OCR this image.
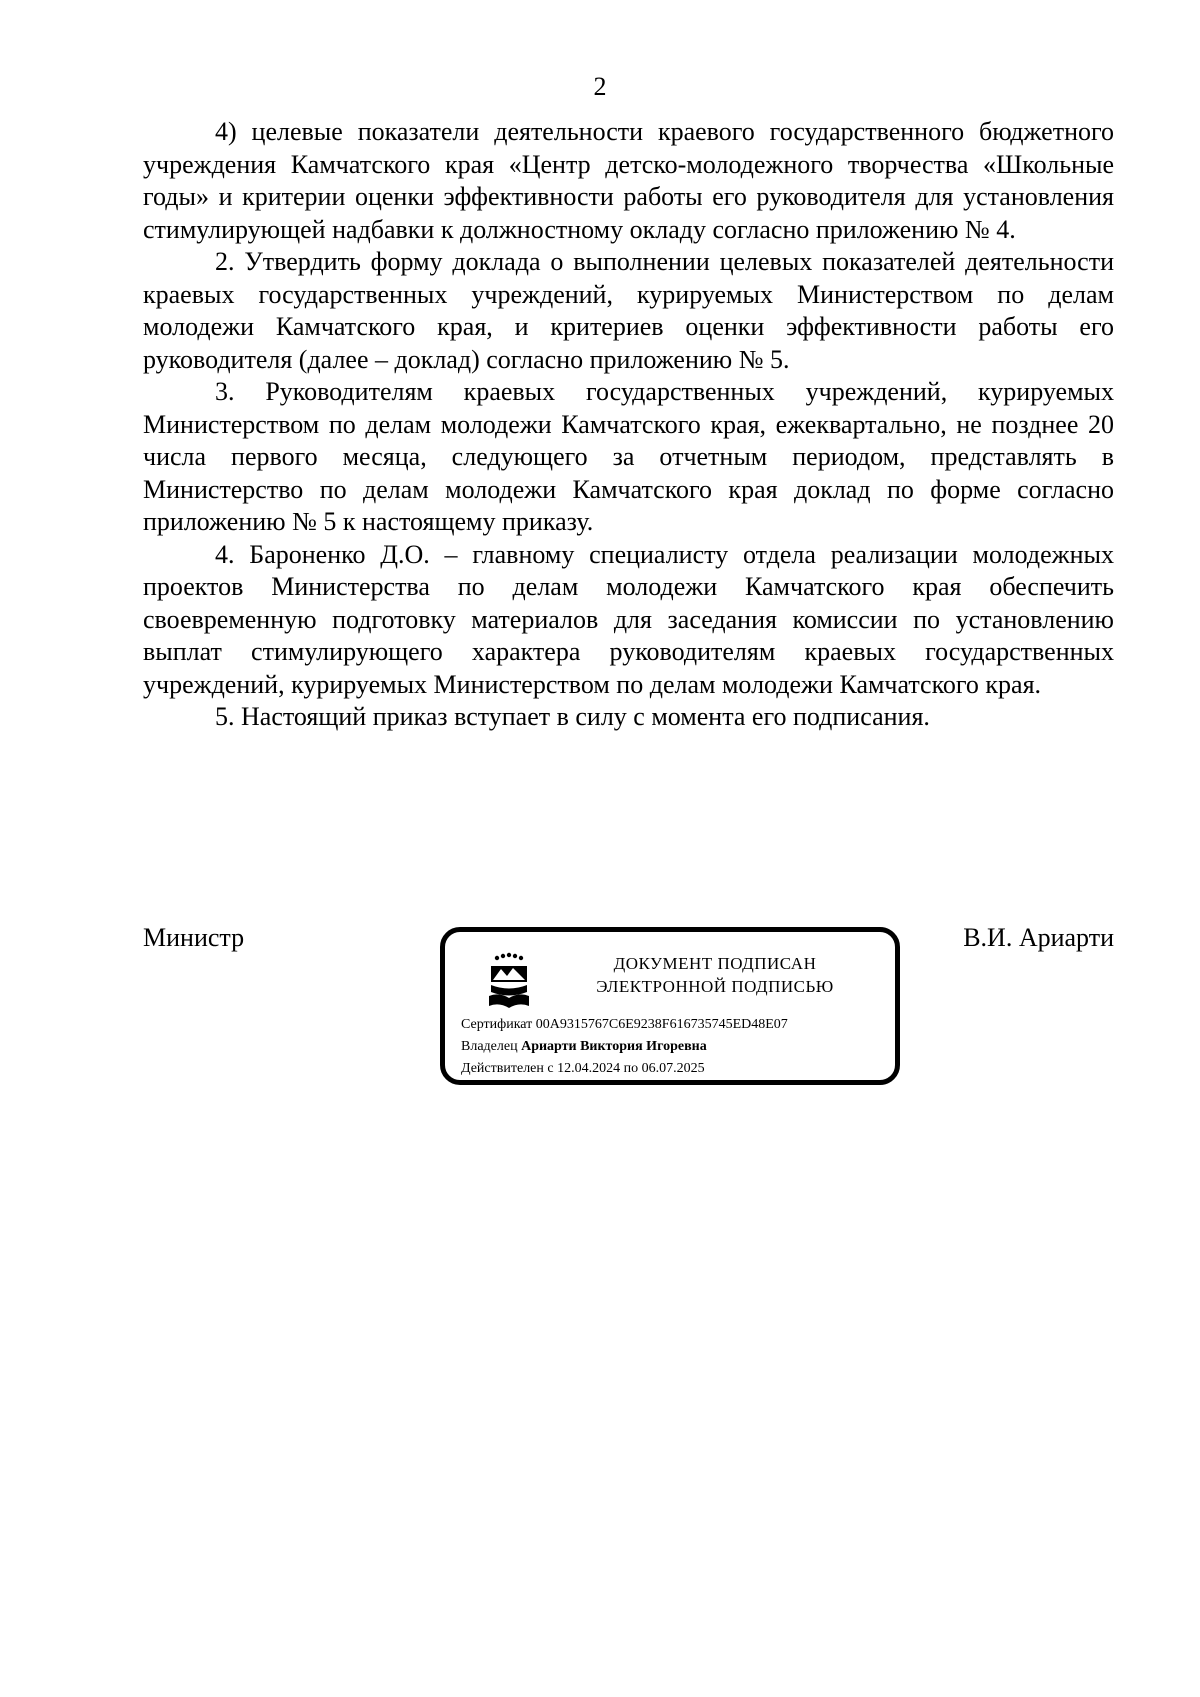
2

4) целевые показатели деятельности краевого государственного бюджетного учреждения Камчатского края «Центр детско-молодежного творчества «Школьные годы» и критерии оценки эффективности работы его руководителя для установления стимулирующей надбавки к должностному окладу согласно приложению № 4.

2. Утвердить форму доклада о выполнении целевых показателей деятельности краевых государственных учреждений, курируемых Министерством по делам молодежи Камчатского края, и критериев оценки эффективности работы его руководителя (далее – доклад) согласно приложению № 5.

3. Руководителям краевых государственных учреждений, курируемых Министерством по делам молодежи Камчатского края, ежеквартально, не позднее 20 числа первого месяца, следующего за отчетным периодом, представлять в Министерство по делам молодежи Камчатского края доклад по форме согласно приложению № 5 к настоящему приказу.

4. Бароненко Д.О. – главному специалисту отдела реализации молодежных проектов Министерства по делам молодежи Камчатского края обеспечить своевременную подготовку материалов для заседания комиссии по установлению выплат стимулирующего характера руководителям краевых государственных учреждений, курируемых Министерством по делам молодежи Камчатского края.

5. Настоящий приказ вступает в силу с момента его подписания.

Министр	В.И. Ариарти
ДОКУМЕНТ ПОДПИСАН
ЭЛЕКТРОННОЙ ПОДПИСЬЮ
Сертификат 00A9315767C6E9238F616735745ED48E07
Владелец Ариарти Виктория Игоревна
Действителен с 12.04.2024 по 06.07.2025
